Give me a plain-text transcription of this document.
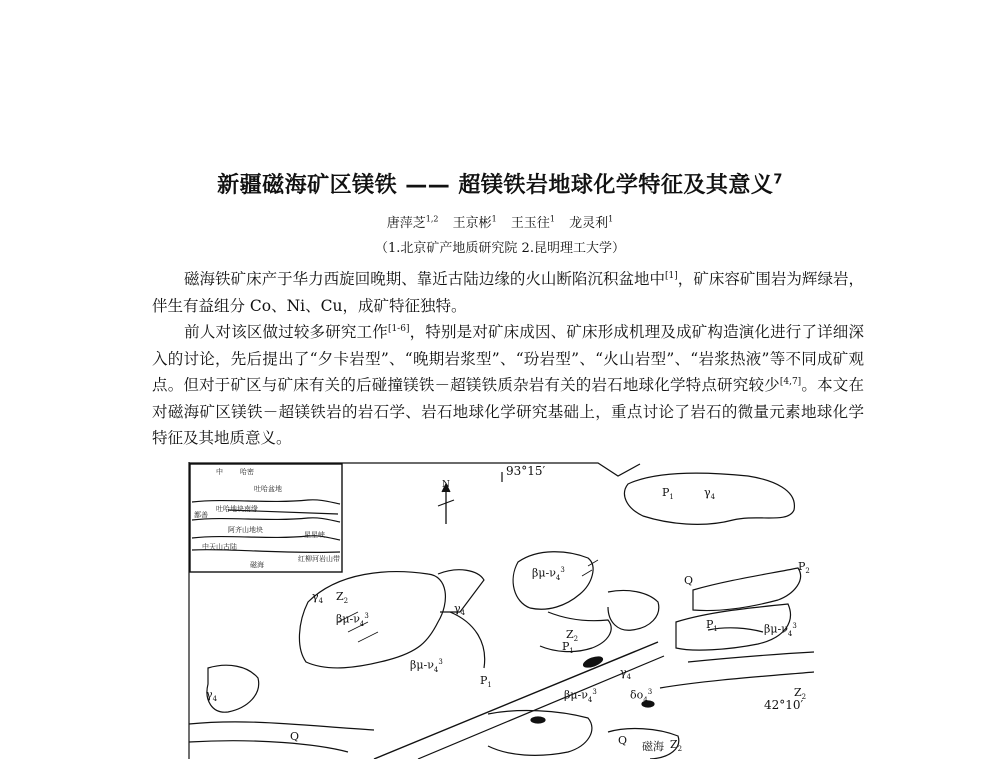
新疆磁海矿区镁铁 —— 超镁铁岩地球化学特征及其意义$^7$
唐萍芝$^{1,2}$ 王京彬$^1$ 王玉往$^1$ 龙灵利$^1$
（1.北京矿产地质研究院 2.昆明理工大学）

磁海铁矿床产于华力西旋回晚期、靠近古陆边缘的火山断陷沉积盆地中[1]，矿床容矿围岩为辉绿岩，伴生有益组分 Co、Ni、Cu，成矿特征独特。

前人对该区做过较多研究工作[1-6]，特别是对矿床成因、矿床形成机理及成矿构造演化进行了详细深入的讨论，先后提出了“夕卡岩型”、“晚期岩浆型”、“玢岩型”、“火山岩型”、“岩浆热液”等不同成矿观点。但对于矿区与矿床有关的后碰撞镁铁－超镁铁质杂岩有关的岩石地球化学特点研究较少[4,7]。本文在对磁海矿区镁铁－超镁铁岩的岩石学、岩石地球化学研究基础上，重点讨论了岩石的微量元素地球化学特征及其地质意义。

中 哈密
吐哈盆地
吐哈地块南缘
鄯善
阿齐山地块
星星峡
中天山古陆
红柳河岩山带
磁海
93°15′
42°10′
N
$P_1$	$\gamma_4$
$P_2$
Q
$\beta\mu-\nu_4^3$
$Z_2$
$\gamma_4$
$\gamma_4$
$\beta\mu-\nu_4^3$
$Z_2$
$P_1$
$P_1$	$\beta\mu-\nu_4^3$
$\beta\mu-\nu_4^3$
$\beta\mu-\nu_4^3$
$\gamma_4$
$\delta o_4^3$
$P_1$
$\gamma_4$
Q	Q 磁海 $Z_2$
$Z_2$
